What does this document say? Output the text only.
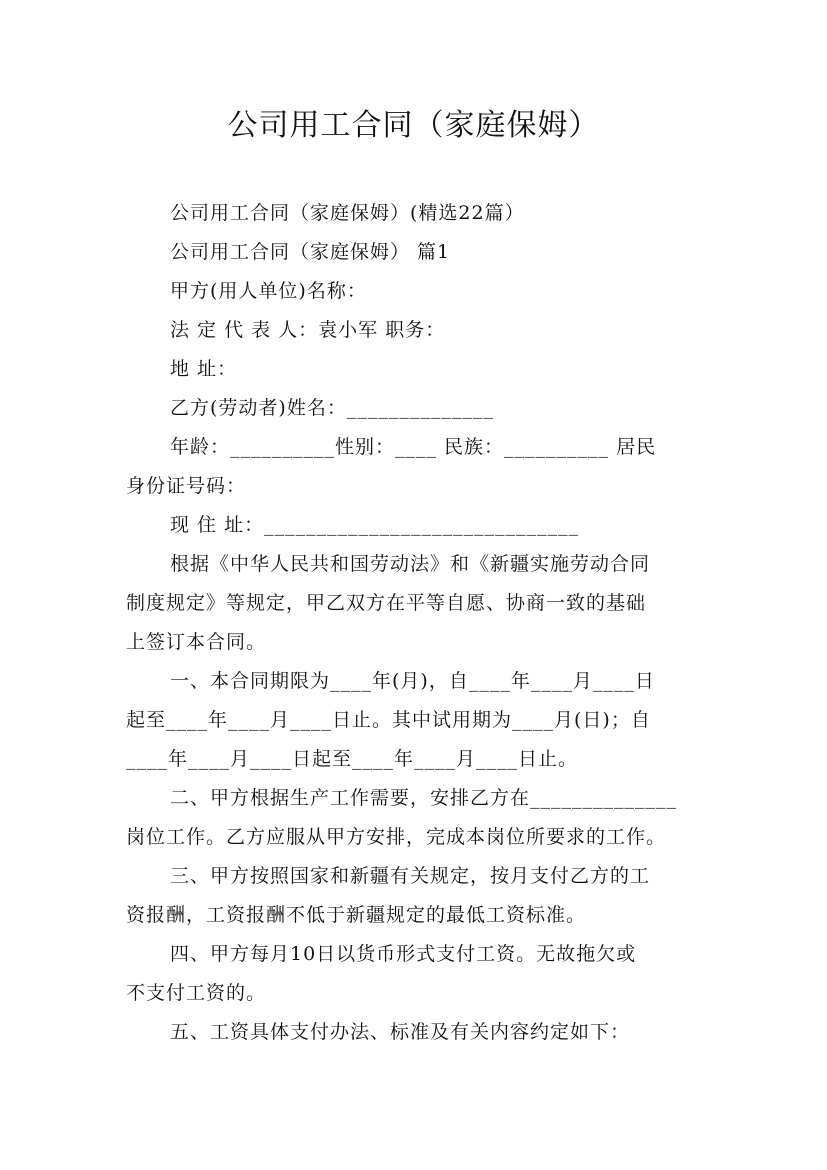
公司用工合同（家庭保姆）
公司用工合同（家庭保姆）(精选22篇）
公司用工合同（家庭保姆） 篇1
甲方(用人单位)名称：
法 定 代 表 人：袁小军 职务：
地 址：
乙方(劳动者)姓名：______________
年龄：__________性别：____ 民族：__________ 居民
身份证号码：
现 住 址：______________________________
根据《中华人民共和国劳动法》和《新疆实施劳动合同
制度规定》等规定，甲乙双方在平等自愿、协商一致的基础
上签订本合同。
一、本合同期限为____年(月)，自____年____月____日
起至____年____月____日止。其中试用期为____月(日)；自
____年____月____日起至____年____月____日止。
二、甲方根据生产工作需要，安排乙方在______________
岗位工作。乙方应服从甲方安排，完成本岗位所要求的工作。
三、甲方按照国家和新疆有关规定，按月支付乙方的工
资报酬，工资报酬不低于新疆规定的最低工资标准。
四、甲方每月10日以货币形式支付工资。无故拖欠或
不支付工资的。
五、工资具体支付办法、标准及有关内容约定如下：
